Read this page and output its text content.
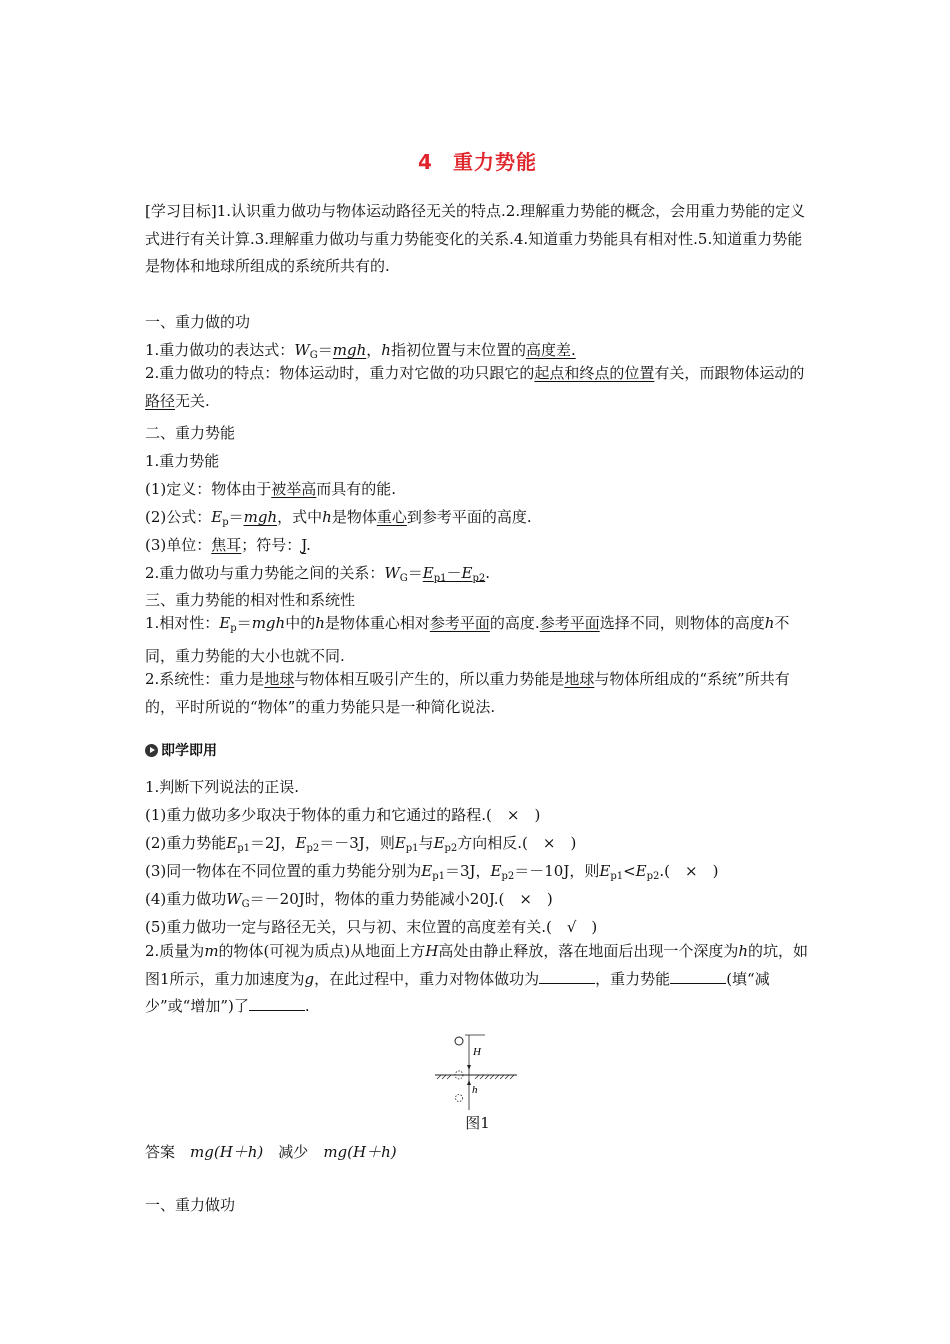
4 重力势能
[学习目标]1.认识重力做功与物体运动路径无关的特点.2.理解重力势能的概念，会用重力势能的定义式进行有关计算.3.理解重力做功与重力势能变化的关系.4.知道重力势能具有相对性.5.知道重力势能是物体和地球所组成的系统所共有的.
一、重力做的功
1.重力做功的表达式：$W_G=mgh$，h指初位置与末位置的高度差.
2.重力做功的特点：物体运动时，重力对它做的功只跟它的起点和终点的位置有关，而跟物体运动的路径无关.
二、重力势能
1.重力势能
(1)定义：物体由于被举高而具有的能.
(2)公式：$E_p=mgh$，式中h是物体重心到参考平面的高度.
(3)单位：焦耳；符号：J.
2.重力做功与重力势能之间的关系：$W_G=E_{p1}-E_{p2}$.
三、重力势能的相对性和系统性
1.相对性：$E_p=mgh$中的h是物体重心相对参考平面的高度.参考平面选择不同，则物体的高度h不同，重力势能的大小也就不同.
2.系统性：重力是地球与物体相互吸引产生的，所以重力势能是地球与物体所组成的“系统”所共有的，平时所说的“物体”的重力势能只是一种简化说法.
即学即用
1.判断下列说法的正误.
(1)重力做功多少取决于物体的重力和它通过的路程.(　×　)
(2)重力势能$E_{p1}=2J$，$E_{p2}=-3J$，则$E_{p1}$与$E_{p2}$方向相反.(　×　)
(3)同一物体在不同位置的重力势能分别为$E_{p1}=3J$，$E_{p2}=-10J$，则$E_{p1}<E_{p2}$.(　×　)
(4)重力做功$W_G=-20J$时，物体的重力势能减小20J.(　×　)
(5)重力做功一定与路径无关，只与初、末位置的高度差有关.(　√　)
2.质量为m的物体(可视为质点)从地面上方H高处由静止释放，落在地面后出现一个深度为h的坑，如图1所示，重力加速度为g，在此过程中，重力对物体做功为	，重力势能	(填“减少”或“增加”)了	.
H
h
图1
答案  mg(H＋h)  减少  mg(H＋h)
一、重力做功
